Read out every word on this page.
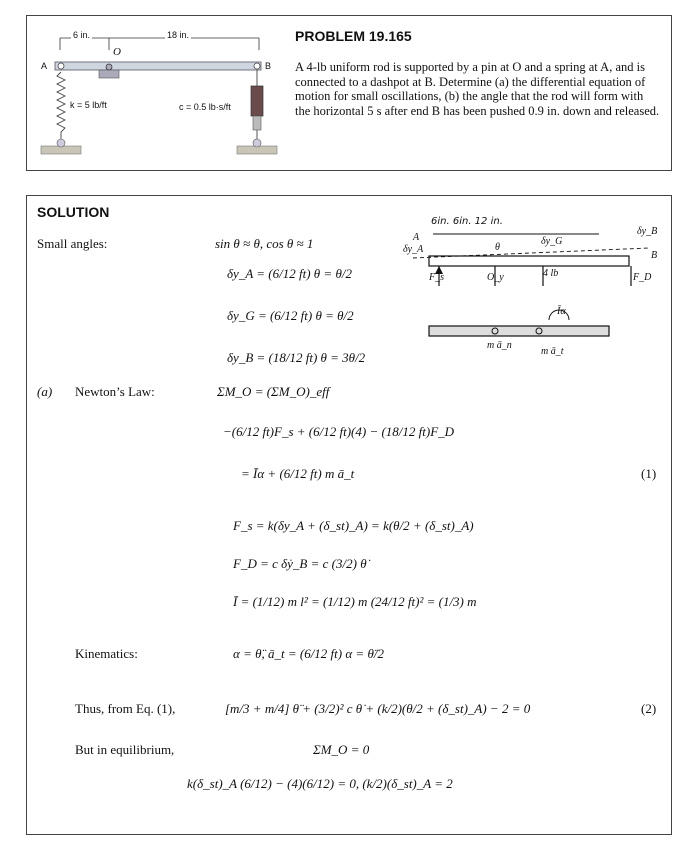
6 in.	18 in.
A	B
O
k = 5 lb/ft	c = 0.5 lb·s/ft
PROBLEM 19.165
A 4-lb uniform rod is supported by a pin at O and a spring at A, and is connected to a dashpot at B. Determine (a) the differential equation of motion for small oscillations, (b) the angle that the rod will form with the horizontal 5 s after end B has been pushed 0.9 in. down and released.
SOLUTION
6in. 6in. 12 in.
δy_A
F_s	O_y	4 lb	F_D
δy_B
δy_G
θ
Īα
m ā_n
m ā_t
B
A
Small angles:
(a) Newton’s Law:
Kinematics:
Thus, from Eq. (1),
But in equilibrium,
sin θ ≈ θ, cos θ ≈ 1
δy_A = (6/12 ft) θ = θ/2
δy_G = (6/12 ft) θ = θ/2
δy_B = (18/12 ft) θ = 3θ/2
ΣM_O = (ΣM_O)_eff
−(6/12 ft)F_s + (6/12 ft)(4) − (18/12 ft)F_D
= Īα + (6/12 ft) m ā_t	(1)
F_s = k(δy_A + (δ_st)_A) = k(θ/2 + (δ_st)_A)
F_D = c δẏ_B = c (3/2) θ̇
Ī = (1/12) m l² = (1/12) m (24/12 ft)² = (1/3) m
α = θ̈, ā_t = (6/12 ft) α = θ̈/2
[m/3 + m/4] θ̈ + (3/2)² c θ̇ + (k/2)(θ/2 + (δ_st)_A) − 2 = 0	(2)
ΣM_O = 0
k(δ_st)_A (6/12) − (4)(6/12) = 0, (k/2)(δ_st)_A = 2
